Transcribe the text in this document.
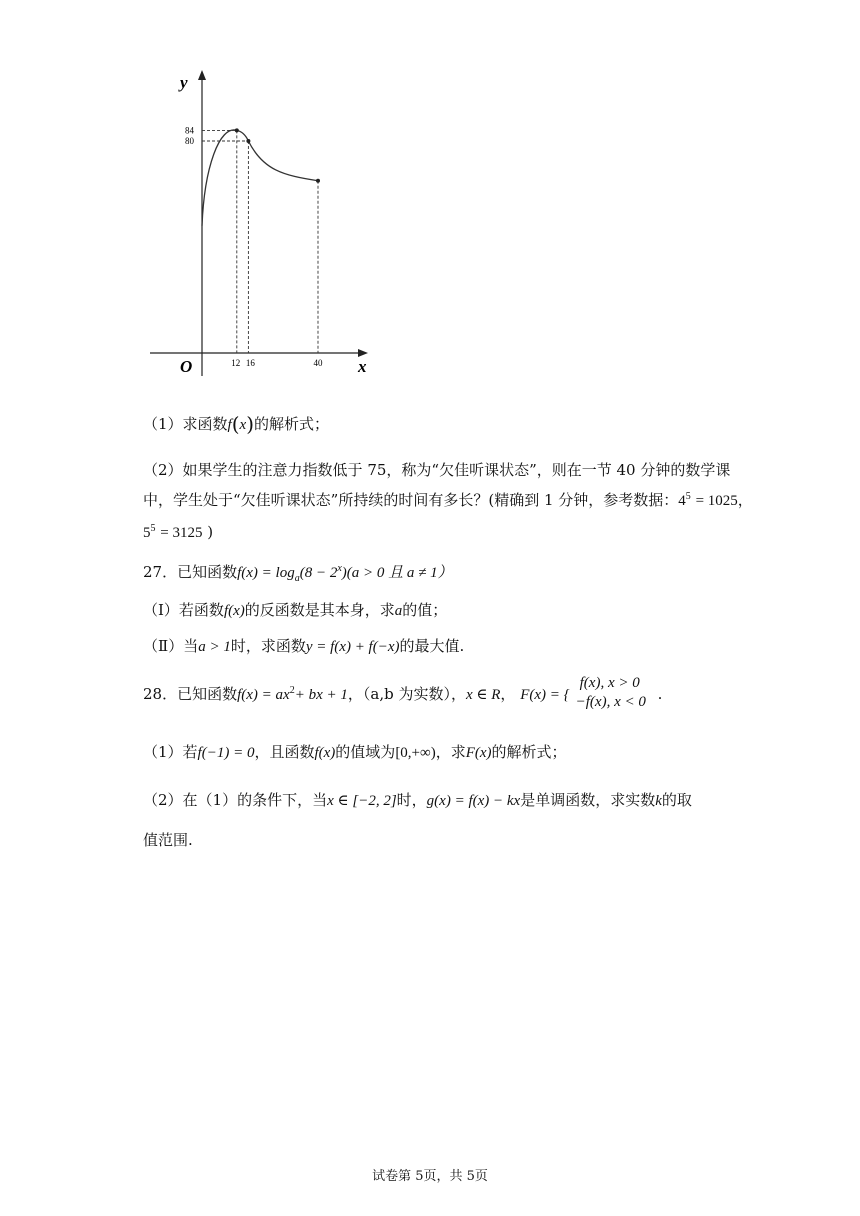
y
x
O	12 16	40
84
80
（1）求函数f(x)的解析式；
（2）如果学生的注意力指数低于 75，称为“欠佳听课状态”，则在一节 40 分钟的数学课
中，学生处于“欠佳听课状态”所持续的时间有多长？(精确到 1 分钟，参考数据：$4^5 = 1025$，
$5^5 = 3125$ )
27．已知函数$f(x) = \log_a(8 - 2^x)(a > 0$ 且 a ≠ 1）
（Ⅰ）若函数f(x)的反函数是其本身，求a的值；
（Ⅱ）当a > 1时，求函数y = f(x) + f(−x)的最大值.
28．已知函数$f(x) = ax^2+$ bx + 1，（a,b 为实数），x ∈ R， F(x) = {
f(x), x > 0
−f(x), x < 0 .
（1）若f(−1) = 0，且函数f(x)的值域为[0,+∞)，求F(x)的解析式；
（2）在（1）的条件下，当x ∈ [−2, 2]时，g(x) = f(x) − kx是单调函数，求实数k的取
值范围.
试卷第 5页，共 5页
